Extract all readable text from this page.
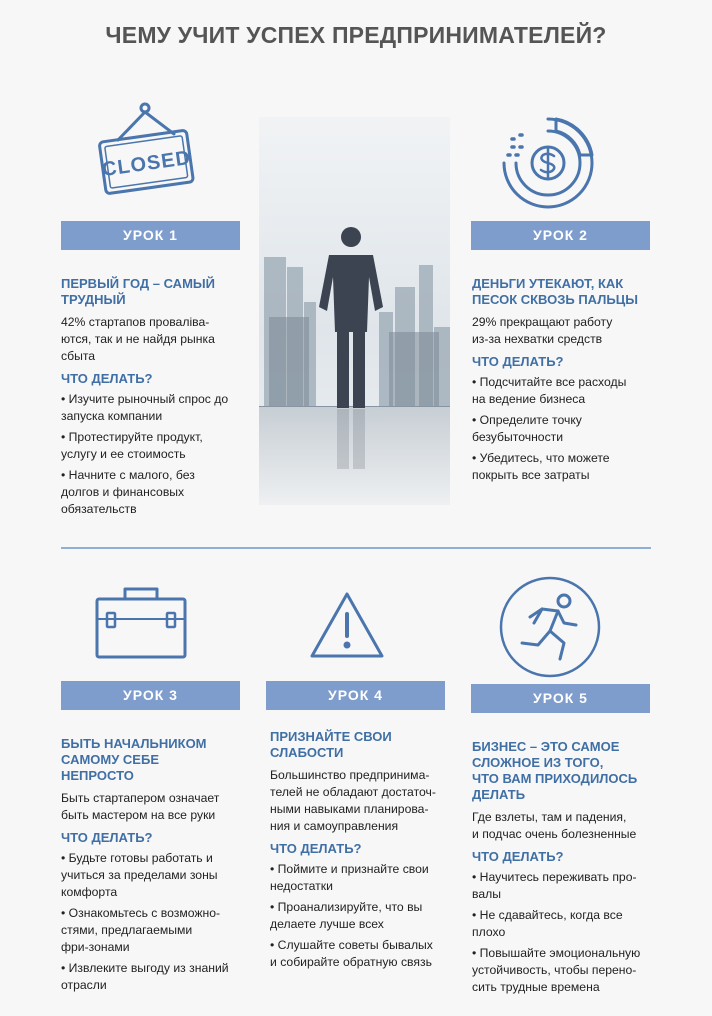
ЧЕМУ УЧИТ УСПЕХ ПРЕДПРИНИМАТЕЛЕЙ?
CLOSED
УРОК 1
ПЕРВЫЙ ГОД – САМЫЙ
ТРУДНЫЙ
42% стартапов проваліва-
ются, так и не найдя рынка
сбыта
ЧТО ДЕЛАТЬ?
• Изучите рыночный спрос до
запуска компании
• Протестируйте продукт,
услугу и ее стоимость
• Начните с малого, без
долгов и финансовых
обязательств
УРОК 2
ДЕНЬГИ УТЕКАЮТ, КАК
ПЕСОК СКВОЗЬ ПАЛЬЦЫ
29% прекращают работу
из-за нехватки средств
ЧТО ДЕЛАТЬ?
• Подсчитайте все расходы
на ведение бизнеса
• Определите точку
безубыточности
• Убедитесь, что можете
покрыть все затраты
УРОК 3
БЫТЬ НАЧАЛЬНИКОМ
САМОМУ СЕБЕ
НЕПРОСТО
Быть стартапером означает
быть мастером на все руки
ЧТО ДЕЛАТЬ?
• Будьте готовы работать и
учиться за пределами зоны
комфорта
• Ознакомьтесь с возможно-
стями, предлагаемыми
фри-зонами
• Извлеките выгоду из знаний
отрасли
УРОК 4
ПРИЗНАЙТЕ СВОИ
СЛАБОСТИ
Большинство предпринима-
телей не обладают достаточ-
ными навыками планирова-
ния и самоуправления
ЧТО ДЕЛАТЬ?
• Поймите и признайте свои
недостатки
• Проанализируйте, что вы
делаете лучше всех
• Слушайте советы бывалых
и собирайте обратную связь
УРОК 5
БИЗНЕС – ЭТО САМОЕ
СЛОЖНОЕ ИЗ ТОГО,
ЧТО ВАМ ПРИХОДИЛОСЬ
ДЕЛАТЬ
Где взлеты, там и падения,
и подчас очень болезненные
ЧТО ДЕЛАТЬ?
• Научитесь переживать про-
валы
• Не сдавайтесь, когда все
плохо
• Повышайте эмоциональную
устойчивость, чтобы перено-
сить трудные времена
